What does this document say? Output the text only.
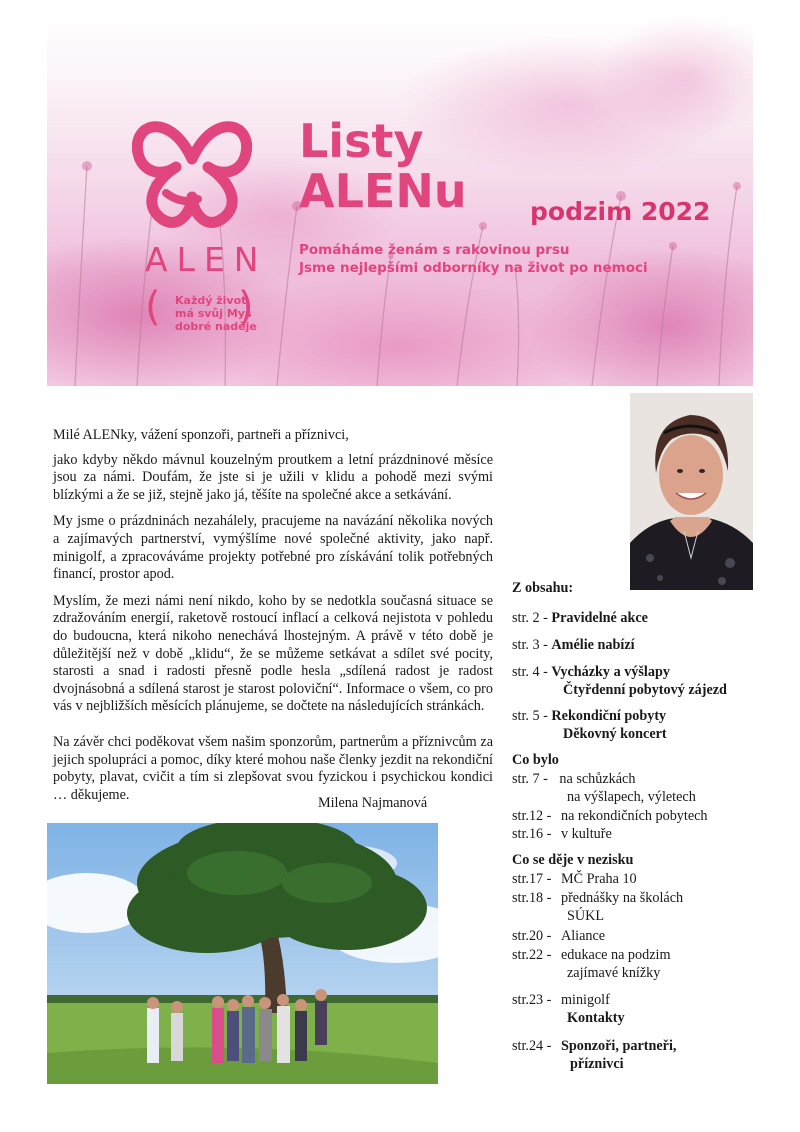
ALEN
( Každý život
má svůj Mys
dobré naděje
)
Listy
ALENu	podzim 2022
Pomáháme ženám s rakovinou prsu
Jsme nejlepšími odborníky na život po nemoci

Milé ALENky, vážení sponzoři, partneři a příznivci,

jako kdyby někdo mávnul kouzelným proutkem a letní prázdninové měsíce jsou za námi. Doufám, že jste si je užili v klidu a pohodě mezi svými blízkými a že se již, stejně jako já, těšíte na společné akce a setkávání.

My jsme o prázdninách nezahálely, pracujeme na navázání několika nových a zajímavých partnerství, vymýšlíme nové společné aktivity, jako např. minigolf, a zpracováváme projekty potřebné pro získávání tolik potřebných financí, prostor apod.

Myslím, že mezi námi není nikdo, koho by se nedotkla současná situace se zdražováním energií, raketově rostoucí inflací a celková nejistota v pohledu do budoucna, která nikoho nenechává lhostejným. A právě v této době je důležitější než v době „klidu“, že se můžeme setkávat a sdílet své pocity, starosti a snad i radosti přesně podle hesla „sdílená radost je radost dvojnásobná a sdílená starost je starost poloviční“. Informace o všem, co pro vás v nejbližších měsících plánujeme, se dočtete na následujících stránkách.

Na závěr chci poděkovat všem našim sponzorům, partnerům a příznivcům za jejich spolupráci a pomoc, díky které mohou naše členky jezdit na rekondiční pobyty, plavat, cvičit a tím si zlepšovat svou fyzickou i psychickou kondici … děkujeme.

Milena Najmanová
Z obsahu:
str. 2 - Pravidelné akce
str. 3 - Amélie nabízí
str. 4 - Vycházky a výšlapy
Čtyřdenní pobytový zájezd
str. 5 - Rekondiční pobyty
Děkovný koncert
Co bylo
str. 7 - na schůzkách
na výšlapech, výletech
str.12 - na rekondičních pobytech
str.16 - v kultuře
Co se děje v nezisku
str.17 - MČ Praha 10
str.18 - přednášky na školách
SÚKL
str.20 - Aliance
str.22 - edukace na podzim
zajímavé knížky
str.23 - minigolf
Kontakty
str.24 - Sponzoři, partneři,
příznivci
